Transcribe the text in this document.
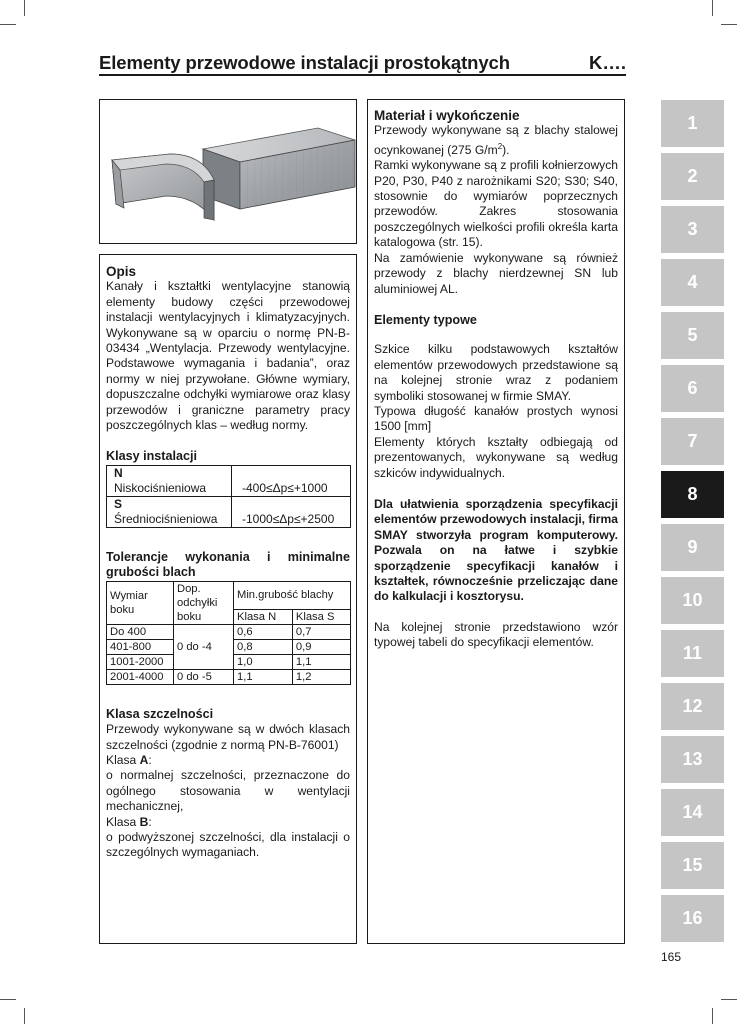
Elementy przewodowe instalacji prostokątnych	K….

Opis

Kanały i kształtki wentylacyjne stanowią elementy budowy części przewodowej instalacji wentylacyjnych i klimatyzacyjnych. Wykonywane są w oparciu o normę PN-B-03434 „Wentylacja. Przewody wentylacyjne. Podstawowe wymagania i badania”, oraz normy w niej przywołane. Główne wymiary, dopuszczalne odchyłki wymiarowe oraz klasy przewodów i graniczne parametry pracy poszczególnych klas – według normy.

Klasy instalacji

N
Niskociśnieniowa	-400≤Δp≤+1000
S
Średniociśnieniowa	-1000≤Δp≤+2500

Tolerancje wykonania i minimalne grubości blach

Wymiar boku	Dop. odchyłki boku	Min.grubość blachy	
		Klasa N	Klasa S
Do 400	0 do -4	0,6	0,7
401-800		0,8	0,9
1001-2000		1,0	1,1
2001-4000	0 do -5	1,1	1,2

Klasa szczelności

Przewody wykonywane są w dwóch klasach szczelności (zgodnie z normą PN-B-76001)

Klasa A:

o normalnej szczelności, przeznaczone do ogólnego stosowania w wentylacji mechanicznej,

Klasa B:

o podwyższonej szczelności, dla instalacji o szczególnych wymaganiach.

Materiał i wykończenie

Przewody wykonywane są z blachy stalowej ocynkowanej (275 $G/m^2$).

Ramki wykonywane są z profili kołnierzowych P20, P30, P40 z narożnikami S20; S30; S40, stosownie do wymiarów poprzecznych przewodów. Zakres stosowania poszczególnych wielkości profili określa karta katalogowa (str. 15).

Na zamówienie wykonywane są również przewody z blachy nierdzewnej SN lub aluminiowej AL.

Elementy typowe

Szkice kilku podstawowych kształtów elementów przewodowych przedstawione są na kolejnej stronie wraz z podaniem symboliki stosowanej w firmie SMAY.

Typowa długość kanałów prostych wynosi 1500 [mm]

Elementy których kształty odbiegają od prezentowanych, wykonywane są według szkiców indywidualnych.

Dla ułatwienia sporządzenia specyfikacji elementów przewodowych instalacji, firma SMAY stworzyła program komputerowy. Pozwala on na łatwe i szybkie sporządzenie specyfikacji kanałów i kształtek, równocześnie przeliczając dane do kalkulacji i kosztorysu.

Na kolejnej stronie przedstawiono wzór typowej tabeli do specyfikacji elementów.

1
2
3
4
5
6
7
8
9
10
11
12
13
14
15
16
165
